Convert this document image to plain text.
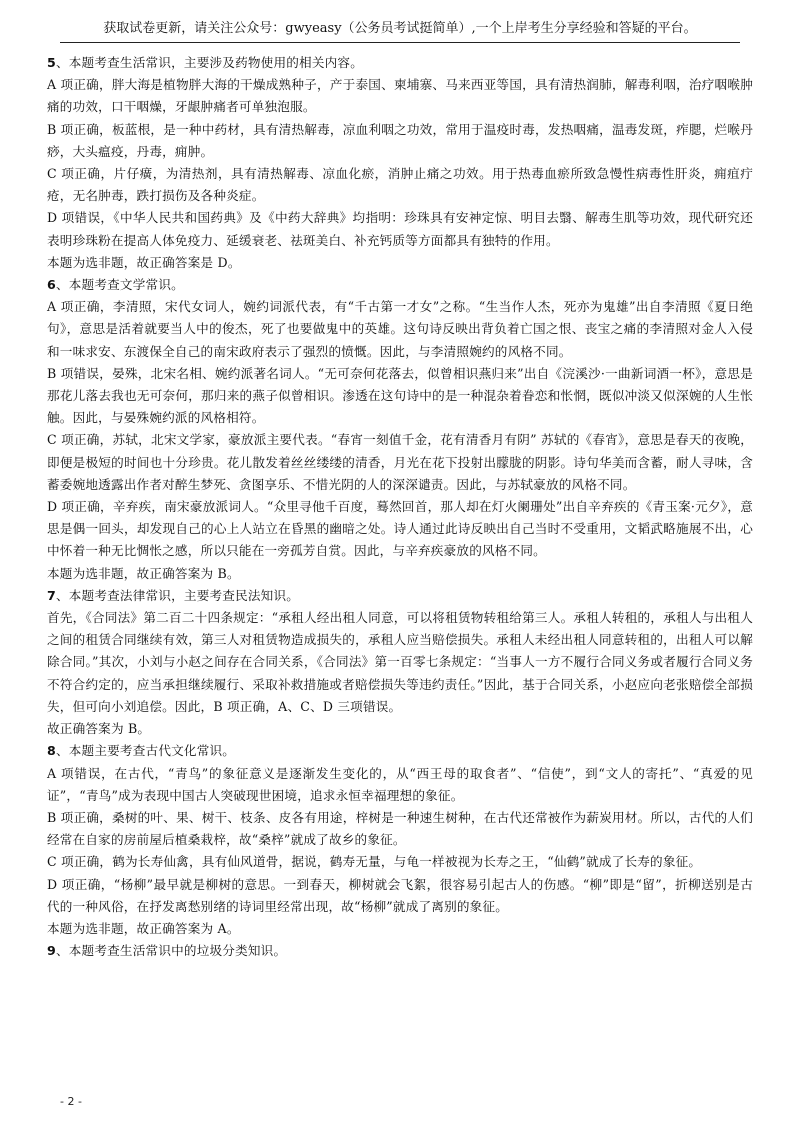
获取试卷更新，请关注公众号：gwyeasy（公务员考试挺简单）,一个上岸考生分享经验和答疑的平台。

5、本题考查生活常识，主要涉及药物使用的相关内容。

A 项正确，胖大海是植物胖大海的干燥成熟种子，产于泰国、柬埔寨、马来西亚等国，具有清热润肺，解毒利咽，治疗咽喉肿痛的功效，口干咽燥，牙龈肿痛者可单独泡服。

B 项正确，板蓝根，是一种中药材，具有清热解毒，凉血利咽之功效，常用于温疫时毒，发热咽痛，温毒发斑，痄腮，烂喉丹痧，大头瘟疫，丹毒，痈肿。

C 项正确，片仔癀，为清热剂，具有清热解毒、凉血化瘀，消肿止痛之功效。用于热毒血瘀所致急慢性病毒性肝炎，痈疽疔疮，无名肿毒，跌打损伤及各种炎症。

D 项错误，《中华人民共和国药典》及《中药大辞典》均指明：珍珠具有安神定惊、明目去翳、解毒生肌等功效，现代研究还表明珍珠粉在提高人体免疫力、延缓衰老、祛斑美白、补充钙质等方面都具有独特的作用。

本题为选非题，故正确答案是 D。

6、本题考查文学常识。

A 项正确，李清照，宋代女词人，婉约词派代表，有“千古第一才女”之称。“生当作人杰，死亦为鬼雄”出自李清照《夏日绝句》，意思是活着就要当人中的俊杰，死了也要做鬼中的英雄。这句诗反映出背负着亡国之恨、丧宝之痛的李清照对金人入侵和一味求安、东渡保全自己的南宋政府表示了强烈的愤慨。因此，与李清照婉约的风格不同。

B 项错误，晏殊，北宋名相、婉约派著名词人。“无可奈何花落去，似曾相识燕归来”出自《浣溪沙·一曲新词酒一杯》，意思是那花儿落去我也无可奈何，那归来的燕子似曾相识。渗透在这句诗中的是一种混杂着眷恋和怅惘，既似冲淡又似深婉的人生怅触。因此，与晏殊婉约派的风格相符。

C 项正确，苏轼，北宋文学家，豪放派主要代表。“春宵一刻值千金，花有清香月有阴” 苏轼的《春宵》，意思是春天的夜晚，即便是极短的时间也十分珍贵。花儿散发着丝丝缕缕的清香，月光在花下投射出朦胧的阴影。诗句华美而含蓄，耐人寻味，含蓄委婉地透露出作者对醉生梦死、贪图享乐、不惜光阴的人的深深谴责。因此，与苏轼豪放的风格不同。

D 项正确，辛弃疾，南宋豪放派词人。“众里寻他千百度，蓦然回首，那人却在灯火阑珊处”出自辛弃疾的《青玉案·元夕》，意思是偶一回头，却发现自己的心上人站立在昏黑的幽暗之处。诗人通过此诗反映出自己当时不受重用，文韬武略施展不出，心中怀着一种无比惆怅之感，所以只能在一旁孤芳自赏。因此，与辛弃疾豪放的风格不同。

本题为选非题，故正确答案为 B。

7、本题考查法律常识，主要考查民法知识。

首先，《合同法》第二百二十四条规定：“承租人经出租人同意，可以将租赁物转租给第三人。承租人转租的，承租人与出租人之间的租赁合同继续有效，第三人对租赁物造成损失的，承租人应当赔偿损失。承租人未经出租人同意转租的，出租人可以解除合同。”其次，小刘与小赵之间存在合同关系，《合同法》第一百零七条规定：“当事人一方不履行合同义务或者履行合同义务不符合约定的，应当承担继续履行、采取补救措施或者赔偿损失等违约责任。”因此，基于合同关系，小赵应向老张赔偿全部损失，但可向小刘追偿。因此，B 项正确，A、C、D 三项错误。

故正确答案为 B。

8、本题主要考查古代文化常识。

A 项错误，在古代，“青鸟”的象征意义是逐渐发生变化的，从“西王母的取食者”、“信使”，到“文人的寄托”、“真爱的见证”，“青鸟”成为表现中国古人突破现世困境，追求永恒幸福理想的象征。

B 项正确，桑树的叶、果、树干、枝条、皮各有用途，梓树是一种速生树种，在古代还常被作为薪炭用材。所以，古代的人们经常在自家的房前屋后植桑栽梓，故“桑梓”就成了故乡的象征。

C 项正确，鹤为长寿仙禽，具有仙风道骨，据说，鹤寿无量，与龟一样被视为长寿之王，“仙鹤”就成了长寿的象征。

D 项正确，“杨柳”最早就是柳树的意思。一到春天，柳树就会飞絮，很容易引起古人的伤感。“柳”即是“留”，折柳送别是古代的一种风俗，在抒发离愁别绪的诗词里经常出现，故“杨柳”就成了离别的象征。

本题为选非题，故正确答案为 A。

9、本题考查生活常识中的垃圾分类知识。

- 2 -
